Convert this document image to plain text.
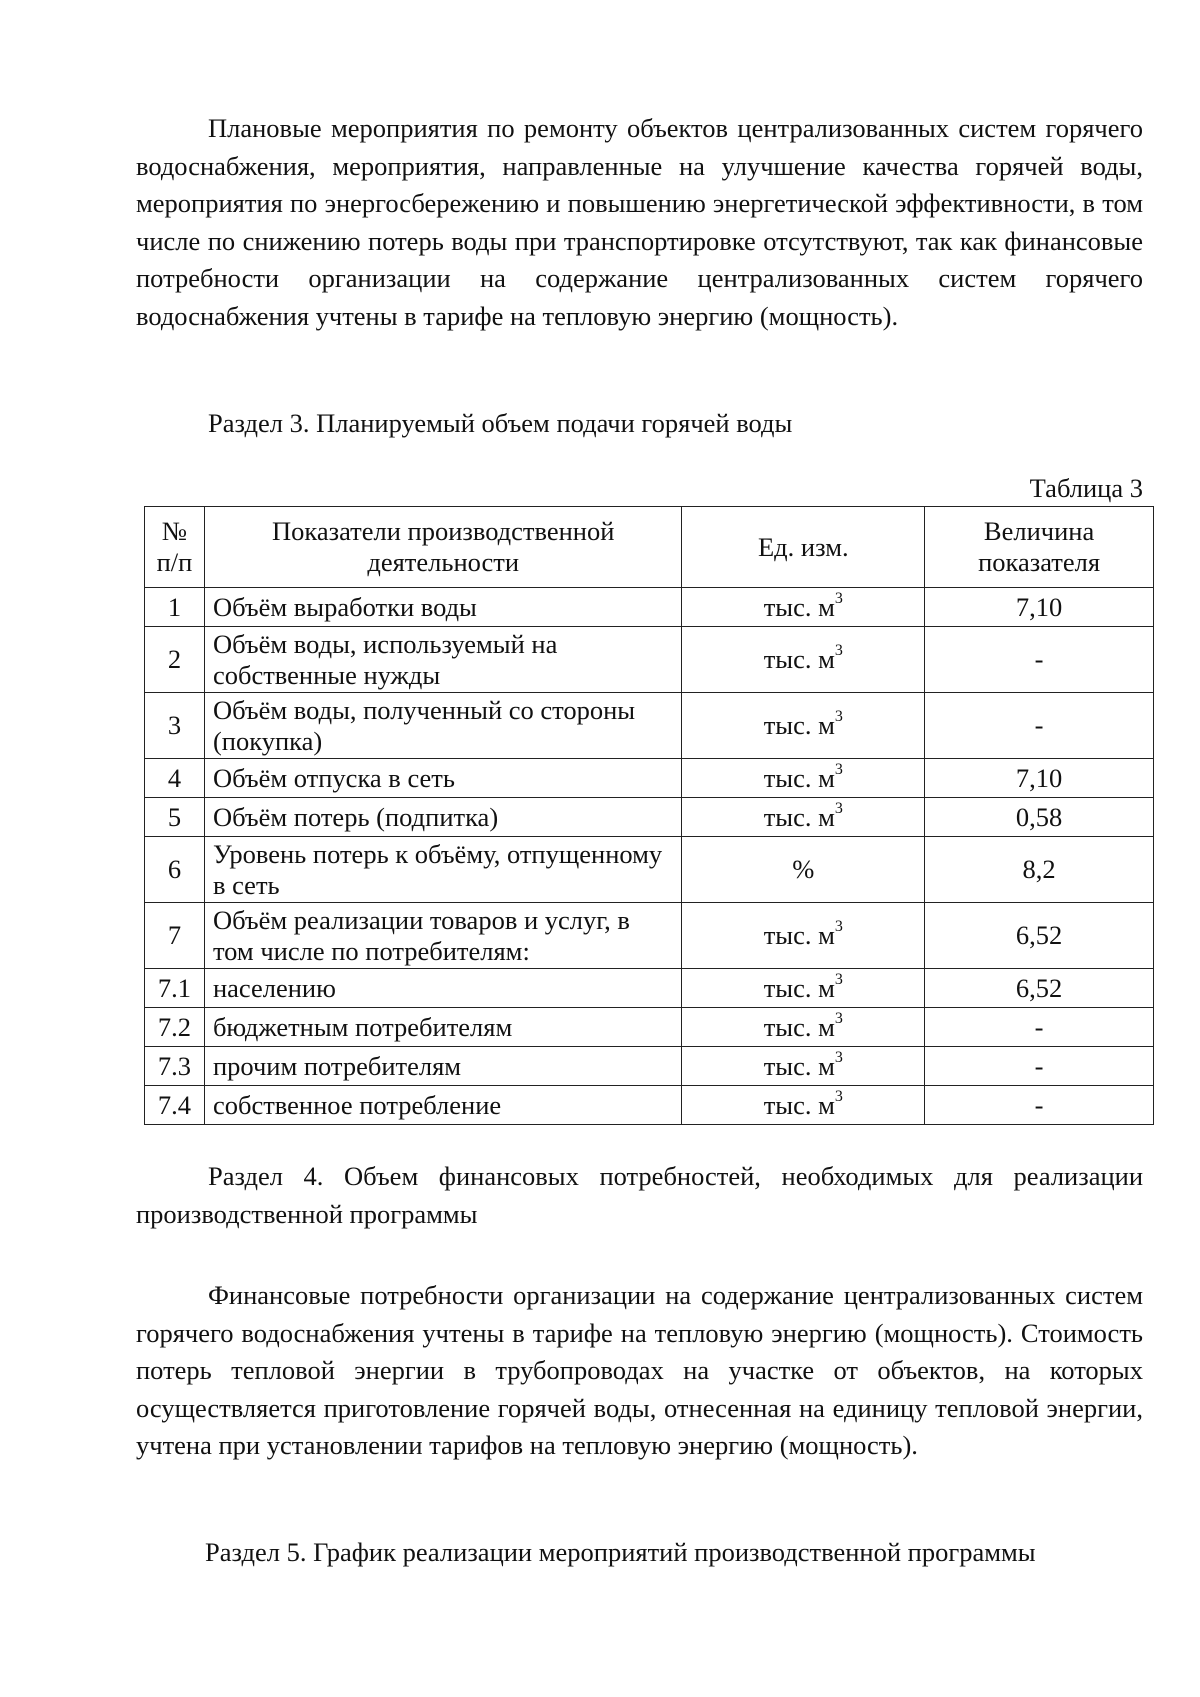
Плановые мероприятия по ремонту объектов централизованных систем горячего водоснабжения, мероприятия, направленные на улучшение качества горячей воды, мероприятия по энергосбережению и повышению энергетической эффективности, в том числе по снижению потерь воды при транспортировке отсутствуют, так как финансовые потребности организации на содержание централизованных систем горячего водоснабжения учтены в тарифе на тепловую энергию (мощность).

Раздел 3. Планируемый объем подачи горячей воды

Таблица 3

№ п/п	Показатели производственной деятельности	Ед. изм.	Величина показателя
1	Объём выработки воды	тыс. $м^3$	7,10
2	Объём воды, используемый на собственные нужды	тыс. $м^3$	-
3	Объём воды, полученный со стороны (покупка)	тыс. $м^3$	-
4	Объём отпуска в сеть	тыс. $м^3$	7,10
5	Объём потерь (подпитка)	тыс. $м^3$	0,58
6	Уровень потерь к объёму, отпущенному в сеть	%	8,2
7	Объём реализации товаров и услуг, в том числе по потребителям:	тыс. $м^3$	6,52
7.1	населению	тыс. $м^3$	6,52
7.2	бюджетным потребителям	тыс. $м^3$	-
7.3	прочим потребителям	тыс. $м^3$	-
7.4	собственное потребление	тыс. $м^3$	-

Раздел 4. Объем финансовых потребностей, необходимых для реализации производственной программы

Финансовые потребности организации на содержание централизованных систем горячего водоснабжения учтены в тарифе на тепловую энергию (мощность). Стоимость потерь тепловой энергии в трубопроводах на участке от объектов, на которых осуществляется приготовление горячей воды, отнесенная на единицу тепловой энергии, учтена при установлении тарифов на тепловую энергию (мощность).

Раздел 5. График реализации мероприятий производственной программы
